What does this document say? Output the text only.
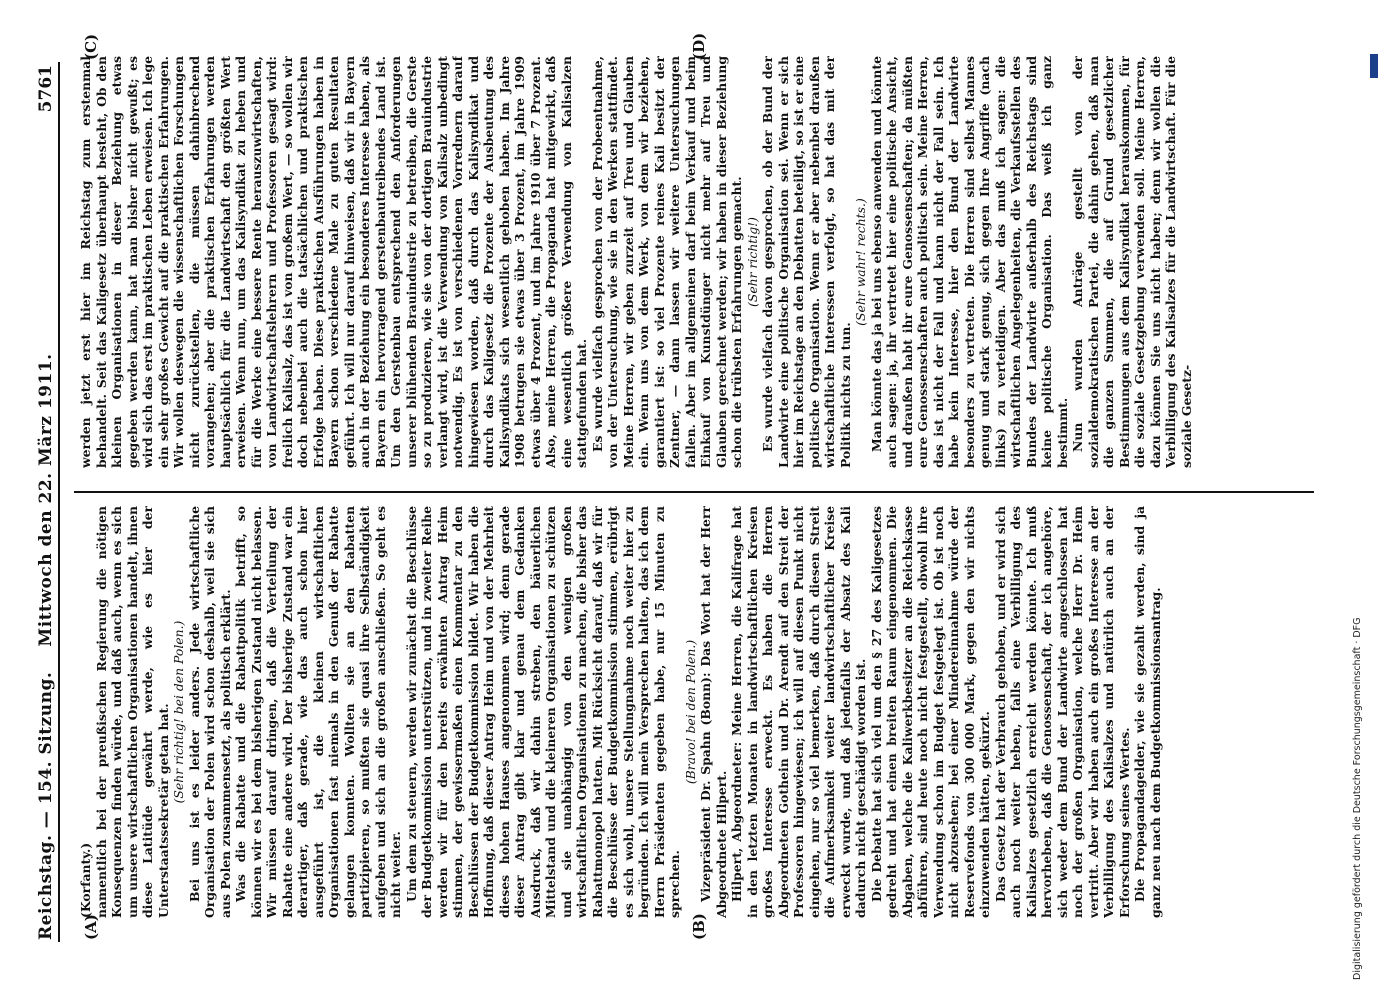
Reichstag. — 154. Sitzung.
Mittwoch den 22. März 1911.
5761
(A)	(B)
(C)	(D)

(Korfanty.) namentlich bei der preußischen Regierung die nötigen Konsequenzen finden würde, und daß auch, wenn es sich um unsere wirtschaftlichen Organisationen handelt, ihnen diese Latitüde gewährt werde, wie es hier der Unterstaatssekretär getan hat. (Sehr richtig! bei den Polen.) Bei uns ist es leider anders. Jede wirtschaftliche Organisation der Polen wird schon deshalb, weil sie sich aus Polen zusammensetzt, als politisch erklärt. Was die Rabatte und die Rabattpolitik betrifft, so können wir es bei dem bisherigen Zustand nicht belassen. Wir müssen darauf dringen, daß die Verteilung der Rabatte eine andere wird. Der bisherige Zustand war ein derartiger, daß gerade, wie das auch schon hier ausgeführt ist, die kleinen wirtschaftlichen Organisationen fast niemals in den Genuß der Rabatte gelangen konnten. Wollten sie an den Rabatten partizipieren, so mußten sie quasi ihre Selbständigkeit aufgeben und sich an die großen anschließen. So geht es nicht weiter. Um dem zu steuern, werden wir zunächst die Beschlüsse der Budgetkommission unterstützen, und in zweiter Reihe werden wir für den bereits erwähnten Antrag Heim stimmen, der gewissermaßen einen Kommentar zu den Beschlüssen der Budgetkommission bildet. Wir haben die Hoffnung, daß dieser Antrag Heim und von der Mehrheit dieses hohen Hauses angenommen wird; denn gerade dieser Antrag gibt klar und genau dem Gedanken Ausdruck, daß wir dahin streben, den bäuerlichen Mittelstand und die kleineren Organisationen zu schützen und sie unabhängig von den wenigen großen wirtschaftlichen Organisationen zu machen, die bisher das Rabattmonopol hatten. Mit Rücksicht darauf, daß wir für die Beschlüsse der Budgetkommission stimmen, erübrigt es sich wohl, unsere Stellungnahme noch weiter hier zu begründen. Ich will mein Versprechen halten, das ich dem Herrn Präsidenten gegeben habe, nur 15 Minuten zu sprechen.

(Bravo! bei den Polen.) Vizepräsident Dr. Spahn (Bonn): Das Wort hat der Herr Abgeordnete Hilpert. Hilpert, Abgeordneter: Meine Herren, die Kalifrage hat in den letzten Monaten in landwirtschaftlichen Kreisen großes Interesse erweckt. Es haben die Herren Abgeordneten Gothein und Dr. Arendt auf den Streit der Professoren hingewiesen; ich will auf diesen Punkt nicht eingehen, nur so viel bemerken, daß durch diesen Streit die Aufmerksamkeit weiter landwirtschaftlicher Kreise erweckt wurde, und daß jedenfalls der Absatz des Kali dadurch nicht geschädigt worden ist. Die Debatte hat sich viel um den § 27 des Kaligesetzes gedreht und hat einen breiten Raum eingenommen. Die Abgaben, welche die Kaliwerkbesitzer an die Reichskasse abführen, sind heute noch nicht festgestellt, obwohl ihre Verwendung schon im Budget festgelegt ist. Ob ist noch nicht abzusehen; bei einer Mindereinnahme würde der Reservefonds von 300 000 Mark, gegen den wir nichts einzuwenden hätten, gekürzt. Das Gesetz hat der Verbrauch gehoben, und er wird sich auch noch weiter heben, falls eine Verbilligung des Kalisalzes gesetzlich erreicht werden könnte. Ich muß hervorheben, daß die Genossenschaft, der ich angehöre, sich weder dem Bund der Landwirte angeschlossen hat noch der großen Organisation, welche Herr Dr. Heim vertritt. Aber wir haben auch ein großes Interesse an der Verbilligung des Kalisalzes und natürlich auch an der Erforschung seines Wertes. Die Propagandagelder, wie sie gezahlt werden, sind ja ganz neu nach dem Budgetkommissionsantrag.

werden jetzt erst hier im Reichstag zum erstenmal behandelt. Seit das Kaligesetz überhaupt besteht, Ob den kleinen Organisationen in dieser Beziehung etwas gegeben werden kann, hat man bisher nicht gewußt; es wird sich das erst im praktischen Leben erweisen. Ich lege ein sehr großes Gewicht auf die praktischen Erfahrungen. Wir wollen deswegen die wissenschaftlichen Forschungen nicht zurückstellen, die müssen dahinbrechend vorangehen; aber die praktischen Erfahrungen werden hauptsächlich für die Landwirtschaft den größten Wert erweisen. Wenn nun, um das Kalisyndikat zu heben und für die Werke eine bessere Rente herauszuwirtschaften, von Landwirtschaftslehrern und Professoren gesagt wird: freilich Kalisalz, das ist von großem Wert, — so wollen wir doch nebenbei auch die tatsächlichen und praktischen Erfolge haben. Diese praktischen Ausführungen haben in Bayern schon verschiedene Male zu guten Resultaten geführt. Ich will nur darauf hinweisen, daß wir in Bayern auch in der Beziehung ein besonderes Interesse haben, als Bayern ein hervorragend gerstenbautreibendes Land ist. Um den Gerstenbau entsprechend den Anforderungen unserer blühenden Brauindustrie zu betreiben, die Gerste so zu produzieren, wie sie von der dortigen Brauindustrie verlangt wird, ist die Verwendung von Kalisalz unbedingt notwendig. Es ist von verschiedenen Vorrednern darauf hingewiesen worden, daß durch das Kalisyndikat und durch das Kaligesetz die Prozente der Ausbeutung des Kalisyndikats sich wesentlich gehoben haben. Im Jahre 1908 betrugen sie etwas über 3 Prozent, im Jahre 1909 etwas über 4 Prozent, und im Jahre 1910 über 7 Prozent. Also, meine Herren, die Propaganda hat mitgewirkt, daß eine wesentlich größere Verwendung von Kalisalzen stattgefunden hat. Es wurde vielfach gesprochen von der Probeentnahme, von der Untersuchung, wie sie in den Werken stattfindet. Meine Herren, wir geben zurzeit auf Treu und Glauben ein. Wenn uns von dem Werk, von dem wir beziehen, garantiert ist: so viel Prozente reines Kali besitzt der Zentner, — dann lassen wir weitere Untersuchungen fallen. Aber im allgemeinen darf beim Verkauf und beim Einkauf von Kunstdünger nicht mehr auf Treu und Glauben gerechnet werden; wir haben in dieser Beziehung schon die trübsten Erfahrungen gemacht. (Sehr richtig!) Es wurde vielfach davon gesprochen, ob der Bund der Landwirte eine politische Organisation sei. Wenn er sich hier im Reichstage an den Debatten beteiligt, so ist er eine politische Organisation. Wenn er aber nebenbei draußen wirtschaftliche Interessen verfolgt, so hat das mit der Politik nichts zu tun.

(Sehr wahr! rechts.) Man könnte das ja bei uns ebenso anwenden und könnte auch sagen: ja, ihr vertretet hier eine politische Ansicht, und draußen habt ihr eure Genossenschaften; da müßten eure Genossenschaften auch politisch sein. Meine Herren, das ist nicht der Fall und kann nicht der Fall sein. Ich habe kein Interesse, hier den Bund der Landwirte besonders zu vertreten. Die Herren sind selbst Mannes genug und stark genug, sich gegen Ihre Angriffe (nach links) zu verteidigen. Aber das muß ich sagen: die wirtschaftlichen Angelegenheiten, die Verkaufsstellen des Bundes der Landwirte außerhalb des Reichstags sind keine politische Organisation. Das weiß ich ganz bestimmt. Nun wurden Anträge gestellt von der sozialdemokratischen Partei, die dahin gehen, daß man die ganzen Summen, die auf Grund gesetzlicher Bestimmungen aus dem Kalisyndikat herauskommen, für die soziale Gesetzgebung verwenden soll. Meine Herren, dazu können Sie uns nicht haben; denn wir wollen die Verbilligung des Kalisalzes für die Landwirtschaft. Für die soziale Gesetz-

Digitalisierung gefördert durch die Deutsche Forschungsgemeinschaft · DFG
